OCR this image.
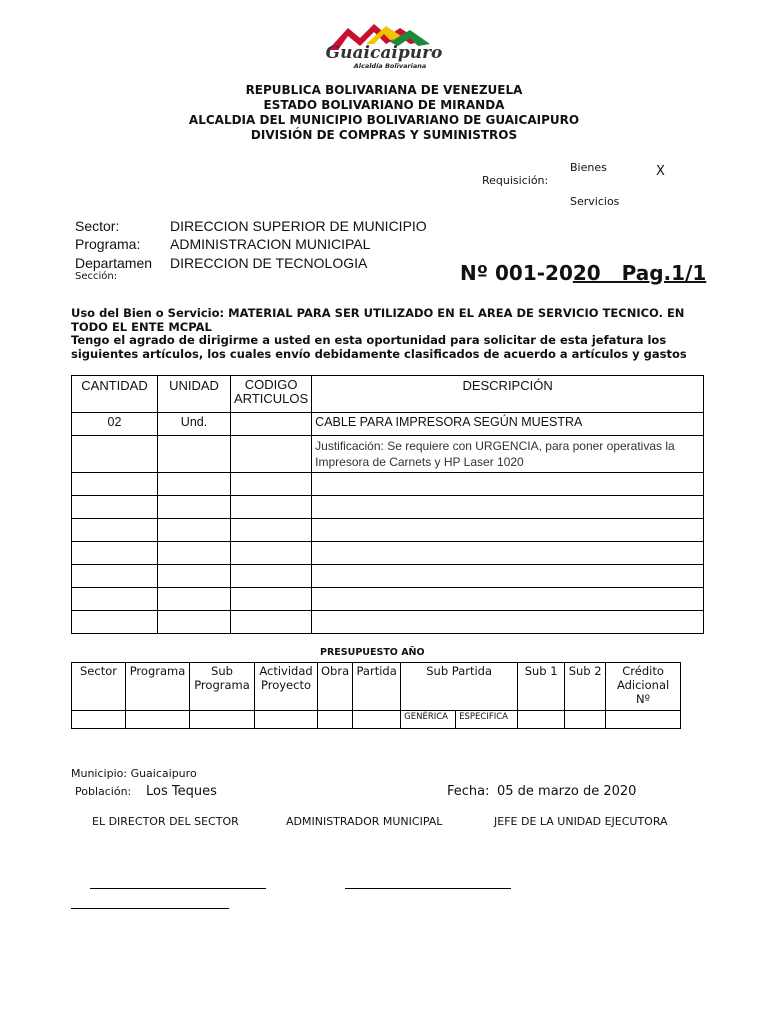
Guaicaipuro
Alcaldía Bolivariana
REPUBLICA BOLIVARIANA DE VENEZUELA
ESTADO BOLIVARIANO DE MIRANDA
ALCALDIA DEL MUNICIPIO BOLIVARIANO DE GUAICAIPURO
DIVISIÓN DE COMPRAS Y SUMINISTROS
Bienes	X
Requisición:
Servicios
Sector:	DIRECCION SUPERIOR DE MUNICIPIO
Programa: ADMINISTRACION MUNICIPAL
Departamen DIRECCION DE TECNOLOGIA
Sección:	Nº 001-2020   Pag.1/1
Uso del Bien o Servicio: MATERIAL PARA SER UTILIZADO EN EL AREA DE SERVICIO TECNICO. EN TODO EL ENTE MCPAL
Tengo el agrado de dirigirme a usted en esta oportunidad para solicitar de esta jefatura los siguientes artículos, los cuales envío debidamente clasificados de acuerdo a artículos y gastos
CANTIDAD	UNIDAD	CODIGO ARTICULOS	DESCRIPCIÓN
02	Und.		CABLE PARA IMPRESORA SEGÚN MUESTRA
			Justificación: Se requiere con URGENCIA, para poner operativas la Impresora de Carnets y HP Laser 1020

PRESUPUESTO AÑO
Sector	Programa	Sub Programa	Actividad Proyecto	Obra	Partida	Sub Partida		Sub 1	Sub 2	Crédito Adicional Nº
						GENÉRICA	ESPECIFICA			
Municipio: Guaicaipuro
Población: Los Teques	Fecha: 05 de marzo de 2020
EL DIRECTOR DEL SECTOR	ADMINISTRADOR MUNICIPAL	JEFE DE LA UNIDAD EJECUTORA
